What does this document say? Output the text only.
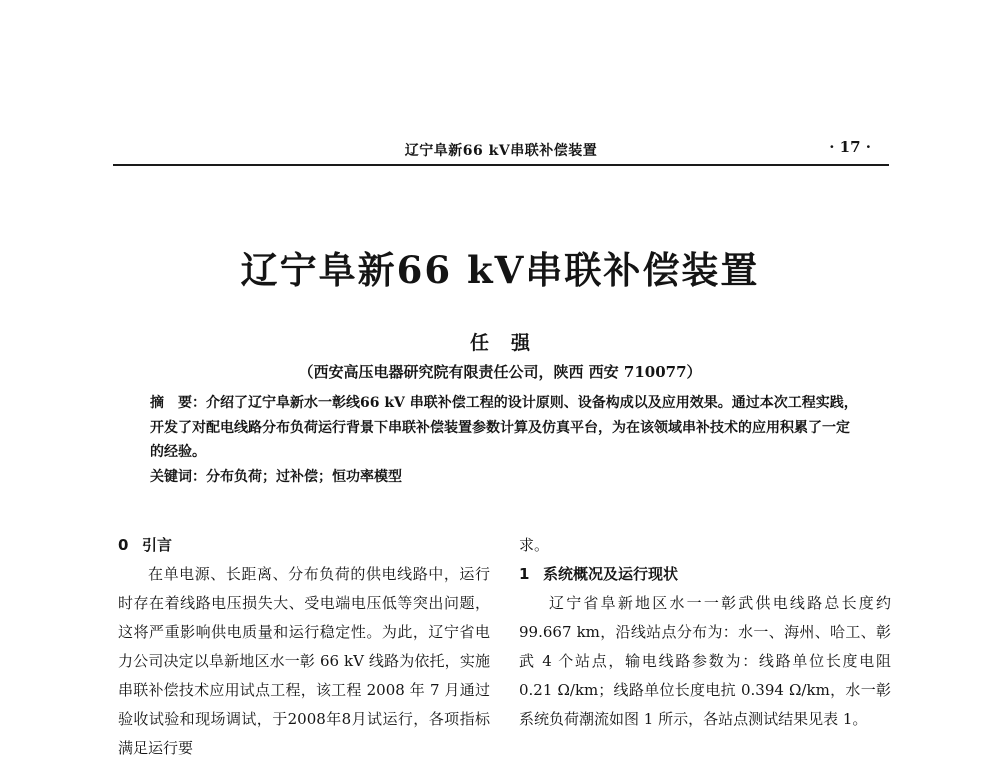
辽宁阜新66 kV串联补偿装置	· 17 ·
辽宁阜新66 kV串联补偿装置
任强
（西安高压电器研究院有限责任公司，陕西 西安 710077）

摘　要：介绍了辽宁阜新水一彰线66 kV 串联补偿工程的设计原则、设备构成以及应用效果。通过本次工程实践，开发了对配电线路分布负荷运行背景下串联补偿装置参数计算及仿真平台，为在该领域串补技术的应用积累了一定的经验。

关键词：分布负荷；过补偿；恒功率模型

0 引言

在单电源、长距离、分布负荷的供电线路中，运行时存在着线路电压损失大、受电端电压低等突出问题，这将严重影响供电质量和运行稳定性。为此，辽宁省电力公司决定以阜新地区水一彰 66 kV 线路为依托，实施串联补偿技术应用试点工程，该工程 2008 年 7 月通过验收试验和现场调试，于2008年8月试运行，各项指标满足运行要

求。

1 系统概况及运行现状

辽宁省阜新地区水一一彰武供电线路总长度约99.667 km，沿线站点分布为：水一、海州、哈工、彰武 4 个站点，输电线路参数为：线路单位长度电阻 0.21 Ω/km；线路单位长度电抗 0.394 Ω/km，水一彰系统负荷潮流如图 1 所示，各站点测试结果见表 1。
